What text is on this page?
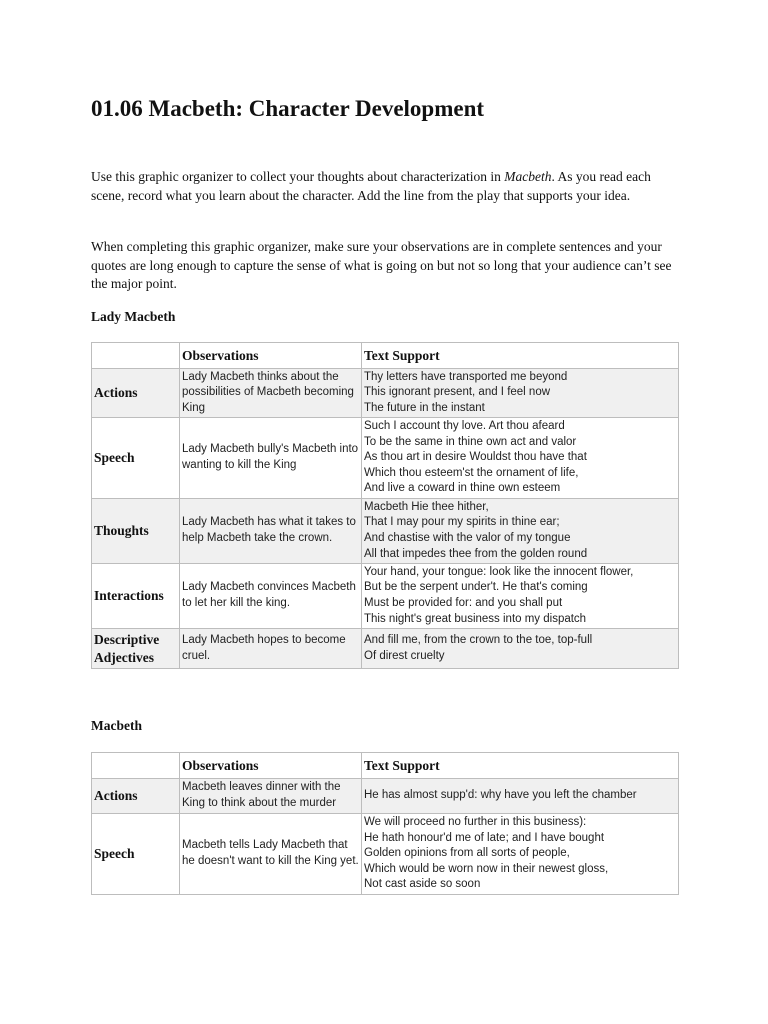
01.06 Macbeth: Character Development

Use this graphic organizer to collect your thoughts about characterization in Macbeth. As you read each scene, record what you learn about the character. Add the line from the play that supports your idea.

When completing this graphic organizer, make sure your observations are in complete sentences and your quotes are long enough to capture the sense of what is going on but not so long that your audience can’t see the major point.

Lady Macbeth

	Observations	Text Support
Actions	Lady Macbeth thinks about the possibilities of Macbeth becoming King	Thy letters have transported me beyond
This ignorant present, and I feel now
The future in the instant

Speech	Lady Macbeth bully's Macbeth into wanting to kill the King	Such I account thy love. Art thou afeard
To be the same in thine own act and valor
As thou art in desire Wouldst thou have that
Which thou esteem'st the ornament of life,
And live a coward in thine own esteem

Thoughts	Lady Macbeth has what it takes to help Macbeth take the crown.	Macbeth Hie thee hither,
That I may pour my spirits in thine ear;
And chastise with the valor of my tongue
All that impedes thee from the golden round

Interactions	Lady Macbeth convinces Macbeth to let her kill the king.	Your hand, your tongue: look like the innocent flower,
But be the serpent under't. He that's coming
Must be provided for: and you shall put
This night's great business into my dispatch

Descriptive Adjectives	Lady Macbeth hopes to become cruel.	And fill me, from the crown to the toe, top-full
Of direst cruelty

Macbeth

	Observations	Text Support
Actions	Macbeth leaves dinner with the King to think about the murder	He has almost supp'd: why have you left the chamber

Speech	Macbeth tells Lady Macbeth that he doesn't want to kill the King yet.	We will proceed no further in this business):
He hath honour'd me of late; and I have bought
Golden opinions from all sorts of people,
Which would be worn now in their newest gloss,
Not cast aside so soon
